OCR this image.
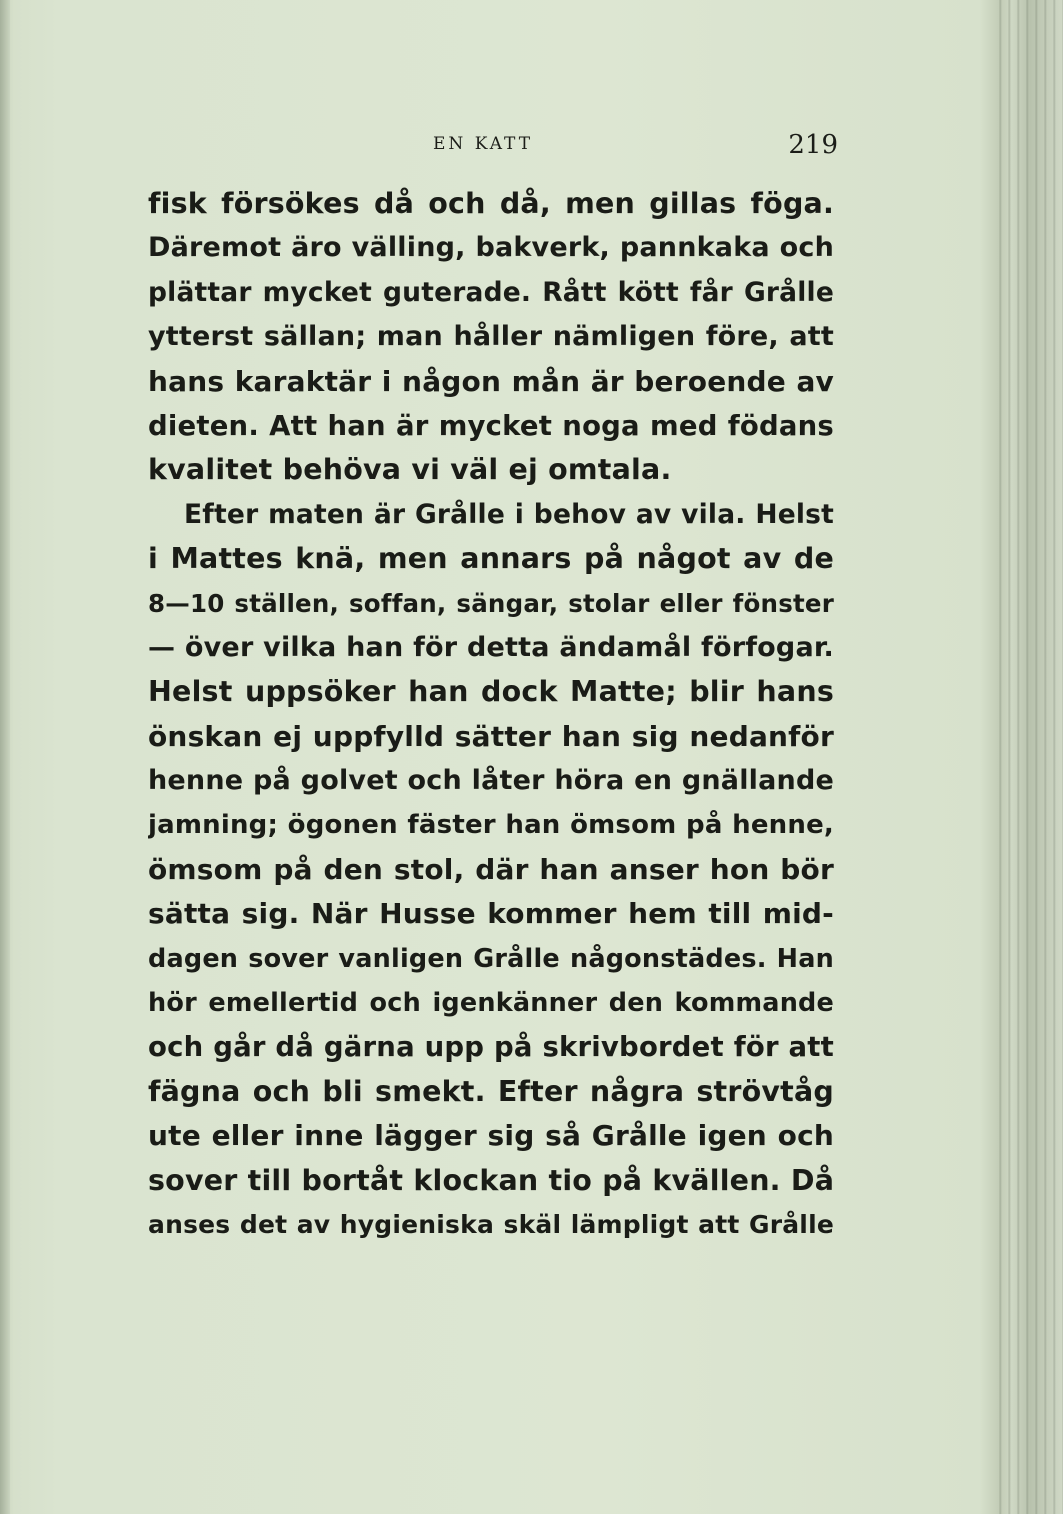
EN KATT	219
fisk försökes då och då, men gillas föga.
Däremot äro välling, bakverk, pannkaka och
plättar mycket guterade. Rått kött får Grålle
ytterst sällan; man håller nämligen före, att
hans karaktär i någon mån är beroende av
dieten. Att han är mycket noga med födans
kvalitet behöva vi väl ej omtala.
Efter maten är Grålle i behov av vila. Helst
i Mattes knä, men annars på något av de
8—10 ställen, soffan, sängar, stolar eller fönster
— över vilka han för detta ändamål förfogar.
Helst uppsöker han dock Matte; blir hans
önskan ej uppfylld sätter han sig nedanför
henne på golvet och låter höra en gnällande
jamning; ögonen fäster han ömsom på henne,
ömsom på den stol, där han anser hon bör
sätta sig. När Husse kommer hem till mid-
dagen sover vanligen Grålle någonstädes. Han
hör emellertid och igenkänner den kommande
och går då gärna upp på skrivbordet för att
fägna och bli smekt. Efter några strövtåg
ute eller inne lägger sig så Grålle igen och
sover till bortåt klockan tio på kvällen. Då
anses det av hygieniska skäl lämpligt att Grålle
